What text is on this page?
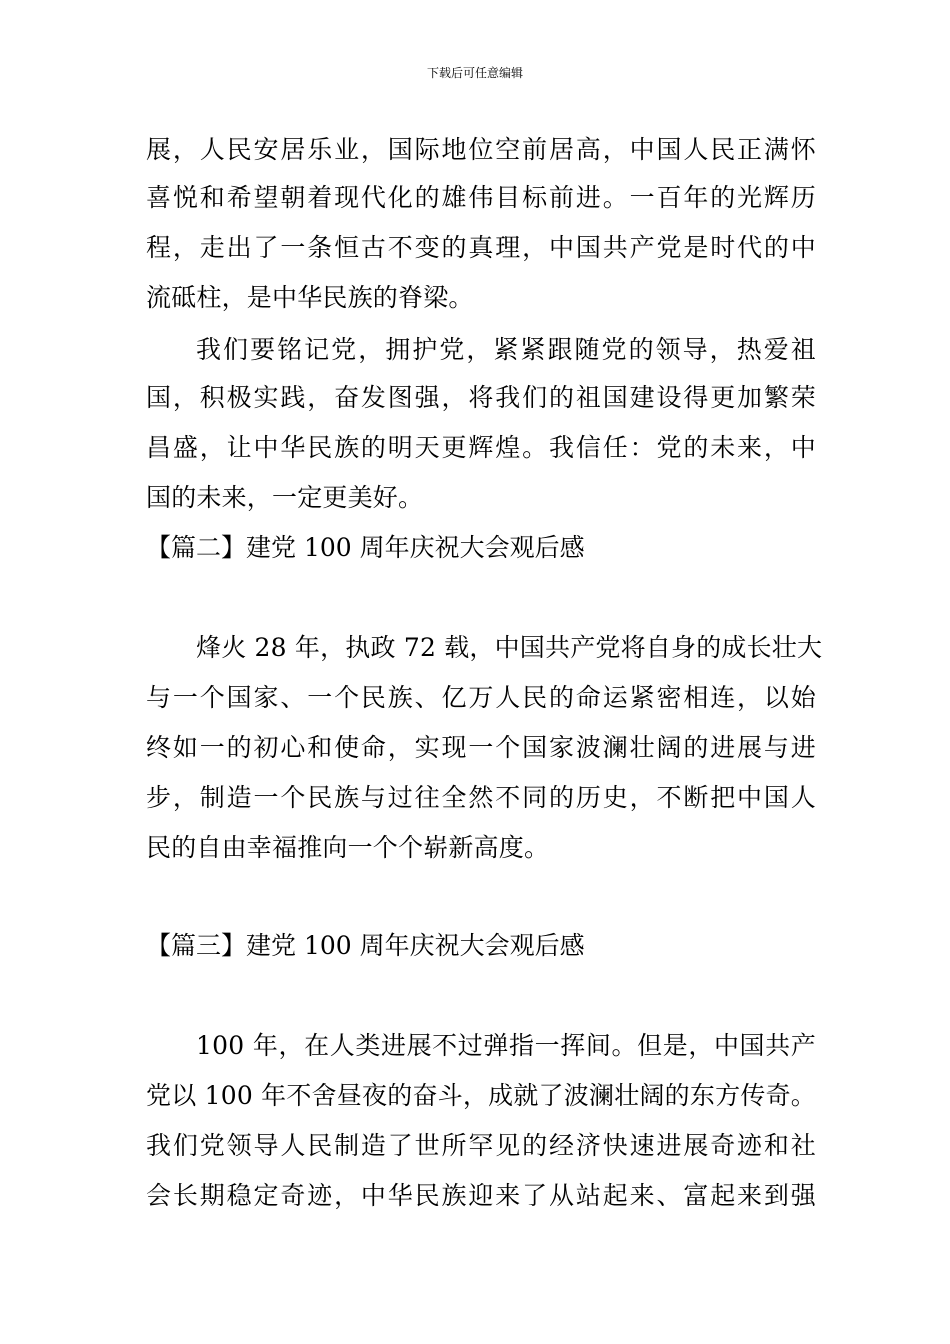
下载后可任意编辑
展，人民安居乐业，国际地位空前居高，中国人民正满怀
喜悦和希望朝着现代化的雄伟目标前进。一百年的光辉历
程，走出了一条恒古不变的真理，中国共产党是时代的中
流砥柱，是中华民族的脊梁。
我们要铭记党，拥护党，紧紧跟随党的领导，热爱祖
国，积极实践，奋发图强，将我们的祖国建设得更加繁荣
昌盛，让中华民族的明天更辉煌。我信任：党的未来，中
国的未来，一定更美好。
【篇二】建党 100 周年庆祝大会观后感
烽火 28 年，执政 72 载，中国共产党将自身的成长壮大
与一个国家、一个民族、亿万人民的命运紧密相连，以始
终如一的初心和使命，实现一个国家波澜壮阔的进展与进
步，制造一个民族与过往全然不同的历史，不断把中国人
民的自由幸福推向一个个崭新高度。
【篇三】建党 100 周年庆祝大会观后感
100 年，在人类进展不过弹指一挥间。但是，中国共产
党以 100 年不舍昼夜的奋斗，成就了波澜壮阔的东方传奇。
我们党领导人民制造了世所罕见的经济快速进展奇迹和社
会长期稳定奇迹，中华民族迎来了从站起来、富起来到强
